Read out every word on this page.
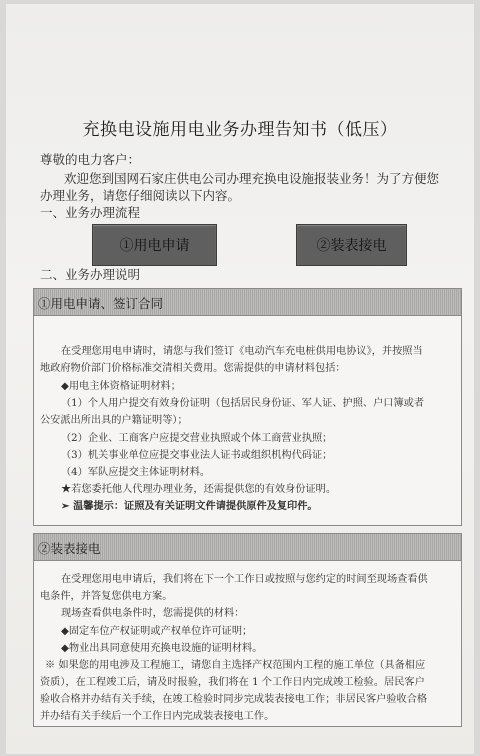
充换电设施用电业务办理告知书（低压）
尊敬的电力客户：
欢迎您到国网石家庄供电公司办理充换电设施报装业务！为了方便您
办理业务，请您仔细阅读以下内容。
一、业务办理流程
①用电申请	②装表接电
二、业务办理说明
①用电申请、签订合同
在受理您用电申请时，请您与我们签订《电动汽车充电桩供用电协议》，并按照当
地政府物价部门价格标准交清相关费用。您需提供的申请材料包括：
◆用电主体资格证明材料；
（1）个人用户提交有效身份证明（包括居民身份证、军人证、护照、户口簿或者
公安派出所出具的户籍证明等）；
（2）企业、工商客户应提交营业执照或个体工商营业执照；
（3）机关事业单位应提交事业法人证书或组织机构代码证；
（4）军队应提交主体证明材料。
★若您委托他人代理办理业务，还需提供您的有效身份证明。
➢ 温馨提示：证照及有关证明文件请提供原件及复印件。
②装表接电
在受理您用电申请后，我们将在下一个工作日或按照与您约定的时间至现场查看供
电条件，并答复您供电方案。
现场查看供电条件时，您需提供的材料：
◆固定车位产权证明或产权单位许可证明；
◆物业出具同意使用充换电设施的证明材料。
※ 如果您的用电涉及工程施工，请您自主选择产权范围内工程的施工单位（具备相应
资质），在工程竣工后，请及时报验，我们将在 1 个工作日内完成竣工检验。居民客户
验收合格并办结有关手续，在竣工检验时同步完成装表接电工作；非居民客户验收合格
并办结有关手续后一个工作日内完成装表接电工作。
